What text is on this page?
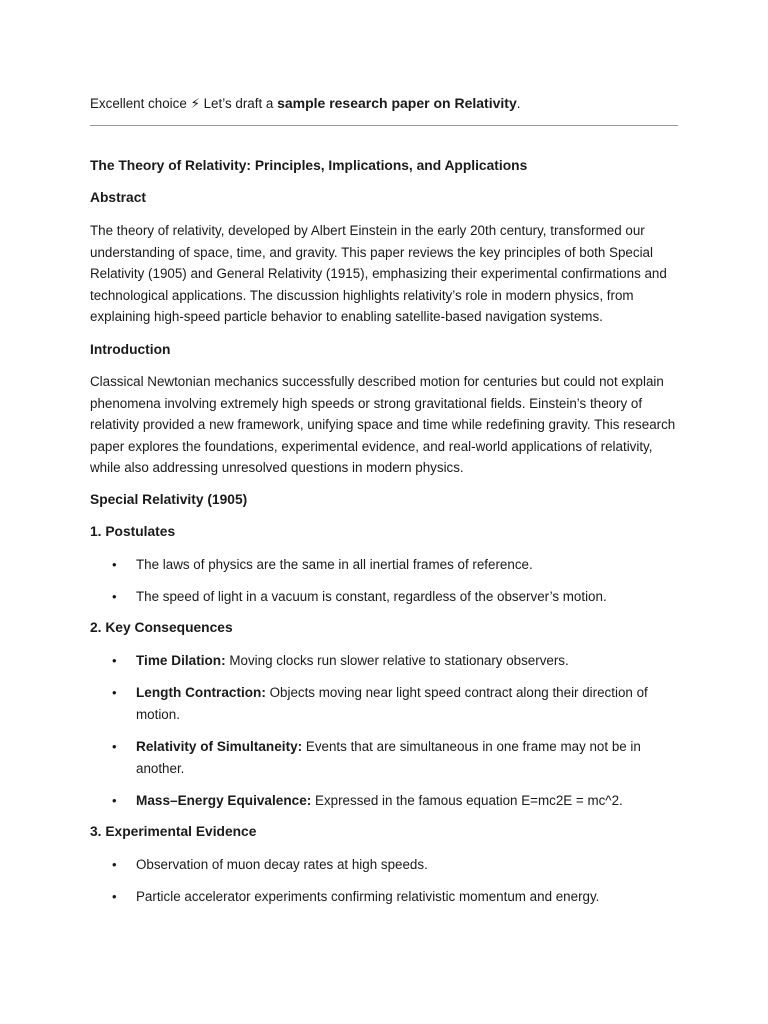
Excellent choice ⚡ Let’s draft a sample research paper on Relativity.
The Theory of Relativity: Principles, Implications, and Applications
Abstract

The theory of relativity, developed by Albert Einstein in the early 20th century, transformed our understanding of space, time, and gravity. This paper reviews the key principles of both Special Relativity (1905) and General Relativity (1915), emphasizing their experimental confirmations and technological applications. The discussion highlights relativity’s role in modern physics, from explaining high-speed particle behavior to enabling satellite-based navigation systems.

Introduction

Classical Newtonian mechanics successfully described motion for centuries but could not explain phenomena involving extremely high speeds or strong gravitational fields. Einstein’s theory of relativity provided a new framework, unifying space and time while redefining gravity. This research paper explores the foundations, experimental evidence, and real-world applications of relativity, while also addressing unresolved questions in modern physics.

Special Relativity (1905)
1. Postulates
• The laws of physics are the same in all inertial frames of reference.
• The speed of light in a vacuum is constant, regardless of the observer’s motion.
2. Key Consequences
• Time Dilation: Moving clocks run slower relative to stationary observers.
• Length Contraction: Objects moving near light speed contract along their direction of motion.
• Relativity of Simultaneity: Events that are simultaneous in one frame may not be in another.
• Mass–Energy Equivalence: Expressed in the famous equation E=mc2E = mc^2.
3. Experimental Evidence
• Observation of muon decay rates at high speeds.
• Particle accelerator experiments confirming relativistic momentum and energy.
